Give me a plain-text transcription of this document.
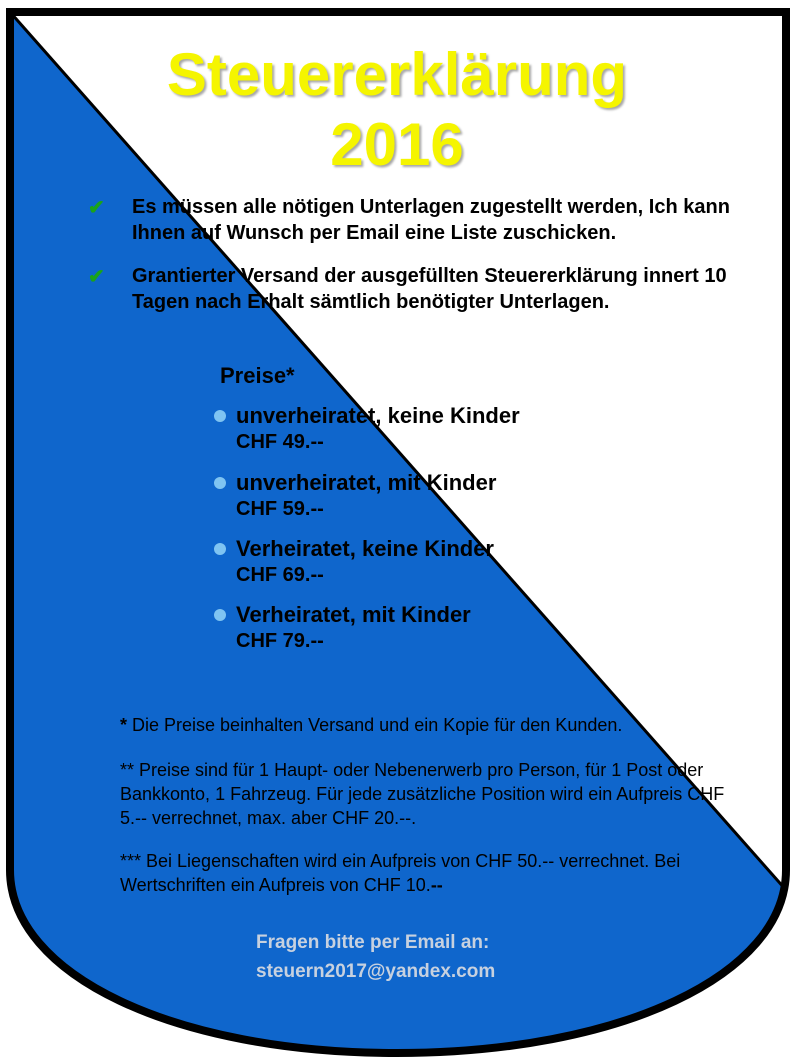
Steuererklärung
2016
✔ Es müssen alle nötigen Unterlagen zugestellt werden, Ich kann Ihnen auf Wunsch per Email eine Liste zuschicken.
✔ Grantierter Versand der ausgefüllten Steuererklärung innert 10 Tagen nach Erhalt sämtlich benötigter Unterlagen.
Preise*
unverheiratet, keine Kinder
CHF 49.--
unverheiratet, mit Kinder
CHF 59.--
Verheiratet, keine Kinder
CHF 69.--
Verheiratet, mit Kinder
CHF 79.--
* Die Preise beinhalten Versand und ein Kopie für den Kunden.
** Preise sind für 1 Haupt- oder Nebenerwerb pro Person, für 1 Post oder Bankkonto, 1 Fahrzeug. Für jede zusätzliche Position wird ein Aufpreis CHF 5.-- verrechnet, max. aber CHF 20.--.
*** Bei Liegenschaften wird ein Aufpreis von CHF 50.-- verrechnet. Bei Wertschriften ein Aufpreis von CHF 10.--
Fragen bitte per Email an:
steuern2017@yandex.com
